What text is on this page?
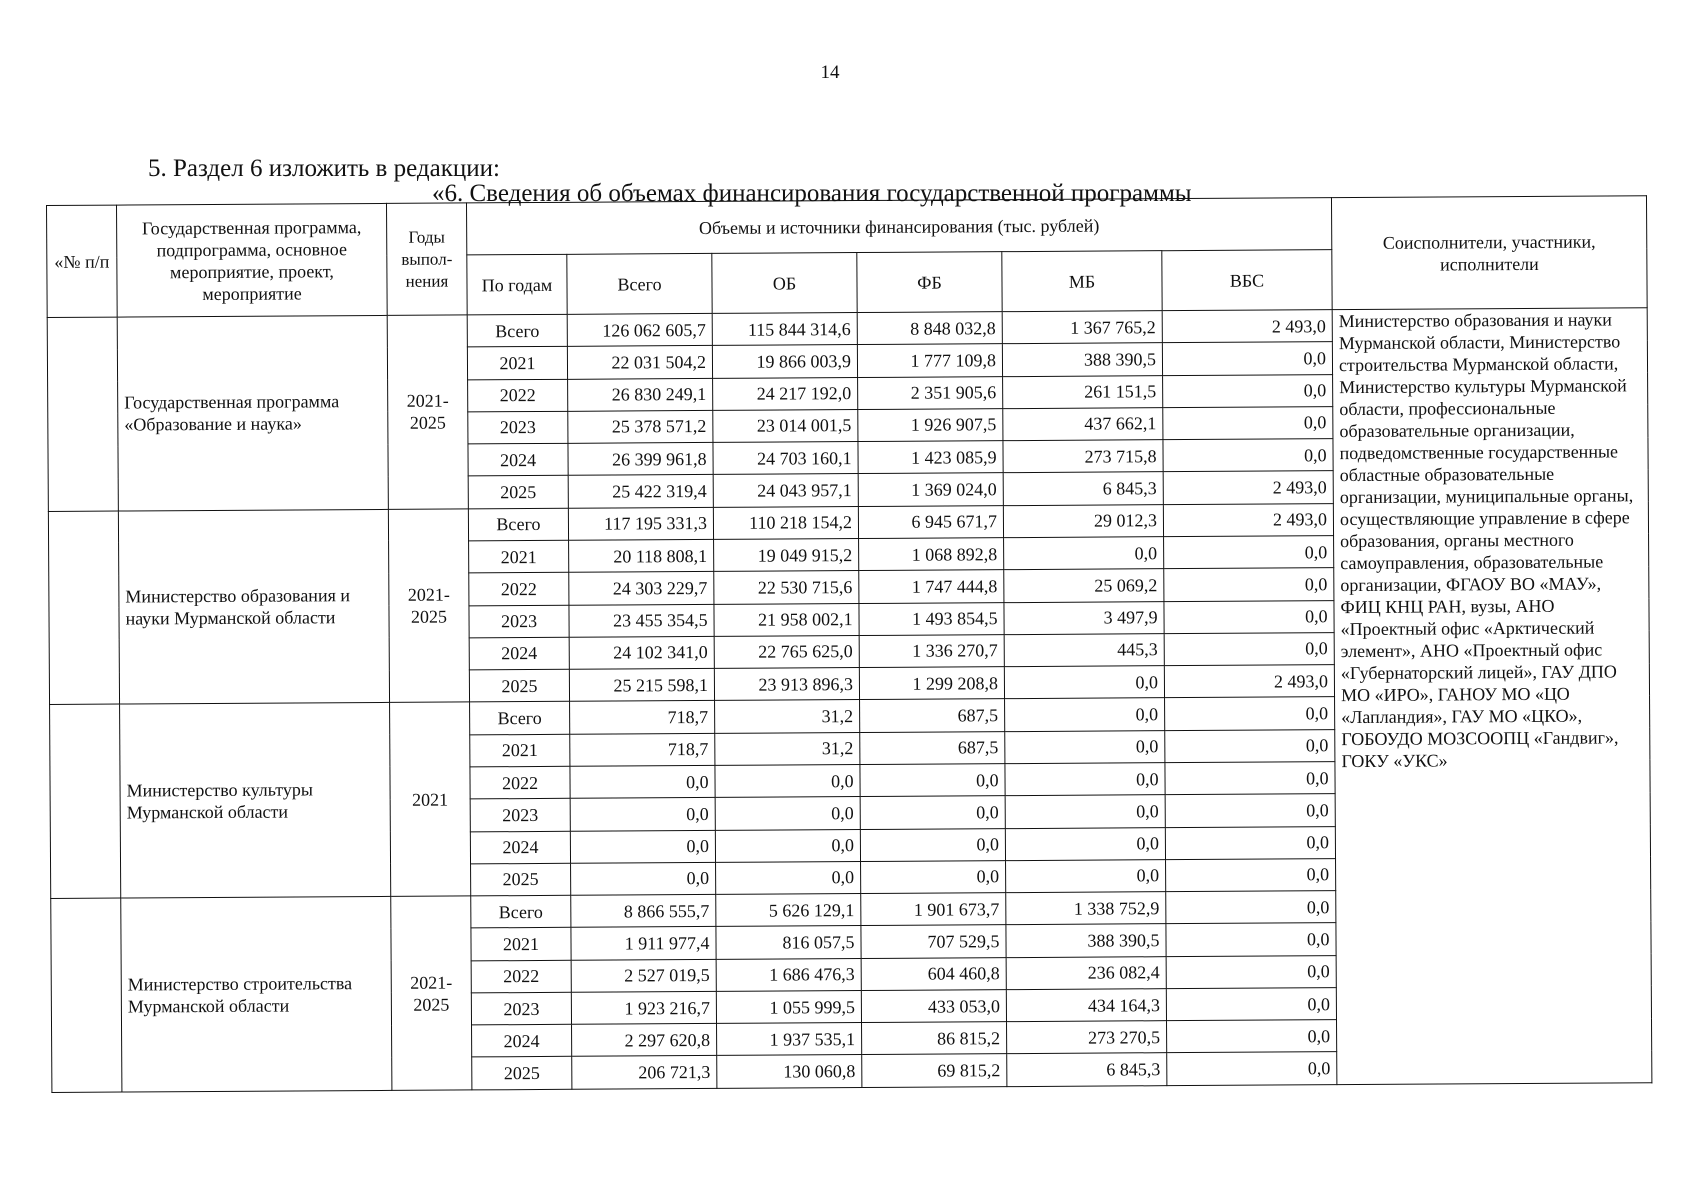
14
5. Раздел 6 изложить в редакции:
«6. Сведения об объемах финансирования государственной программы
«№ п/п	Государственная программа, подпрограмма, основное мероприятие, проект, мероприятие	Годы выпол-нения	Объемы и источники финансирования (тыс. рублей)						Соисполнители, участники, исполнители
			По годам	Всего	ОБ	ФБ	МБ	ВБС	
	Государственная программа «Образование и наука»	2021-2025	Всего	126 062 605,7	115 844 314,6	8 848 032,8	1 367 765,2	2 493,0	Министерство образования и науки Мурманской области, Министерство строительства Мурманской области, Министерство культуры Мурманской области, профессиональные образовательные организации, подведомственные государственные областные образовательные организации, муниципальные органы, осуществляющие управление в сфере образования, органы местного самоуправления, образовательные организации, ФГАОУ ВО «МАУ», ФИЦ КНЦ РАН, вузы, АНО «Проектный офис «Арктический элемент», АНО «Проектный офис «Губернаторский лицей», ГАУ ДПО МО «ИРО», ГАНОУ МО «ЦО «Лапландия», ГАУ МО «ЦКО», ГОБОУДО МОЗСООПЦ «Гандвиг», ГОКУ «УКС»
			2021	22 031 504,2	19 866 003,9	1 777 109,8	388 390,5	0,0	
			2022	26 830 249,1	24 217 192,0	2 351 905,6	261 151,5	0,0	
			2023	25 378 571,2	23 014 001,5	1 926 907,5	437 662,1	0,0	
			2024	26 399 961,8	24 703 160,1	1 423 085,9	273 715,8	0,0	
			2025	25 422 319,4	24 043 957,1	1 369 024,0	6 845,3	2 493,0	
	Министерство образования и науки Мурманской области	2021-2025	Всего	117 195 331,3	110 218 154,2	6 945 671,7	29 012,3	2 493,0	
			2021	20 118 808,1	19 049 915,2	1 068 892,8	0,0	0,0	
			2022	24 303 229,7	22 530 715,6	1 747 444,8	25 069,2	0,0	
			2023	23 455 354,5	21 958 002,1	1 493 854,5	3 497,9	0,0	
			2024	24 102 341,0	22 765 625,0	1 336 270,7	445,3	0,0	
			2025	25 215 598,1	23 913 896,3	1 299 208,8	0,0	2 493,0	
	Министерство культуры Мурманской области	2021	Всего	718,7	31,2	687,5	0,0	0,0	
			2021	718,7	31,2	687,5	0,0	0,0	
			2022	0,0	0,0	0,0	0,0	0,0	
			2023	0,0	0,0	0,0	0,0	0,0	
			2024	0,0	0,0	0,0	0,0	0,0	
			2025	0,0	0,0	0,0	0,0	0,0	
	Министерство строительства Мурманской области	2021-2025	Всего	8 866 555,7	5 626 129,1	1 901 673,7	1 338 752,9	0,0	
			2021	1 911 977,4	816 057,5	707 529,5	388 390,5	0,0	
			2022	2 527 019,5	1 686 476,3	604 460,8	236 082,4	0,0	
			2023	1 923 216,7	1 055 999,5	433 053,0	434 164,3	0,0	
			2024	2 297 620,8	1 937 535,1	86 815,2	273 270,5	0,0	
			2025	206 721,3	130 060,8	69 815,2	6 845,3	0,0	
